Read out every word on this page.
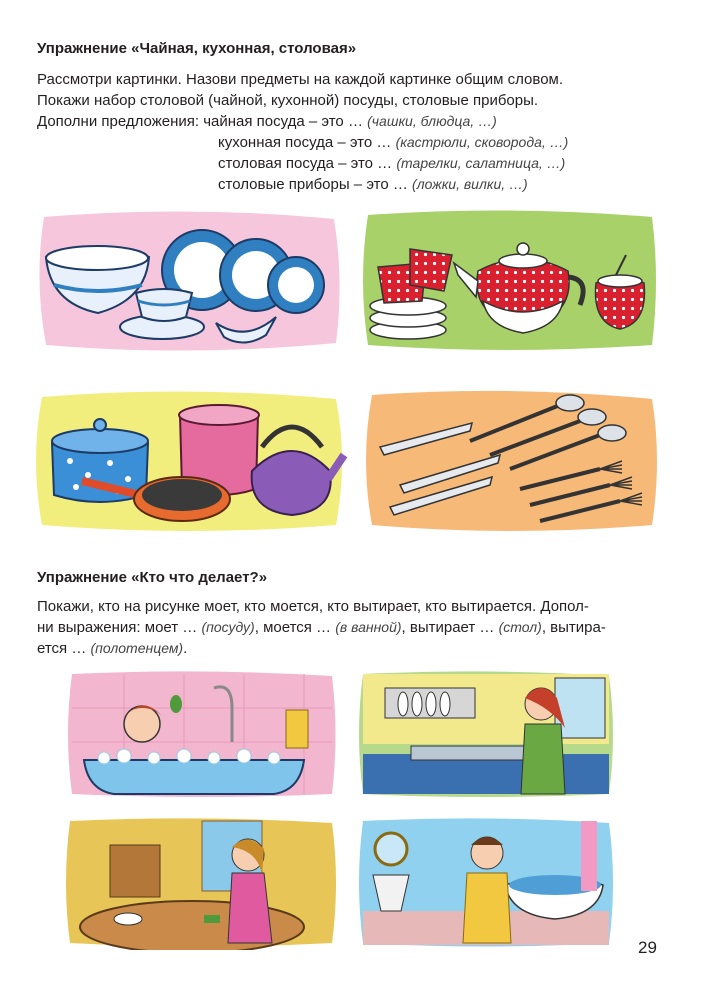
Упражнение «Чайная, кухонная, столовая»
Рассмотри картинки. Назови предметы на каждой картинке общим словом.
Покажи набор столовой (чайной, кухонной) посуды, столовые приборы.
Дополни предложения: чайная посуда – это … (чашки, блюдца, …)
кухонная посуда – это … (кастрюли, сковорода, …)
столовая посуда – это … (тарелки, салатница, …)
столовые приборы – это … (ложки, вилки, …)
Упражнение «Кто что делает?»
Покажи, кто на рисунке моет, кто моется, кто вытирает, кто вытирается. Допол-
ни выражения: моет … (посуду), моется … (в ванной), вытирает … (стол), вытира-
ется … (полотенцем).
29
